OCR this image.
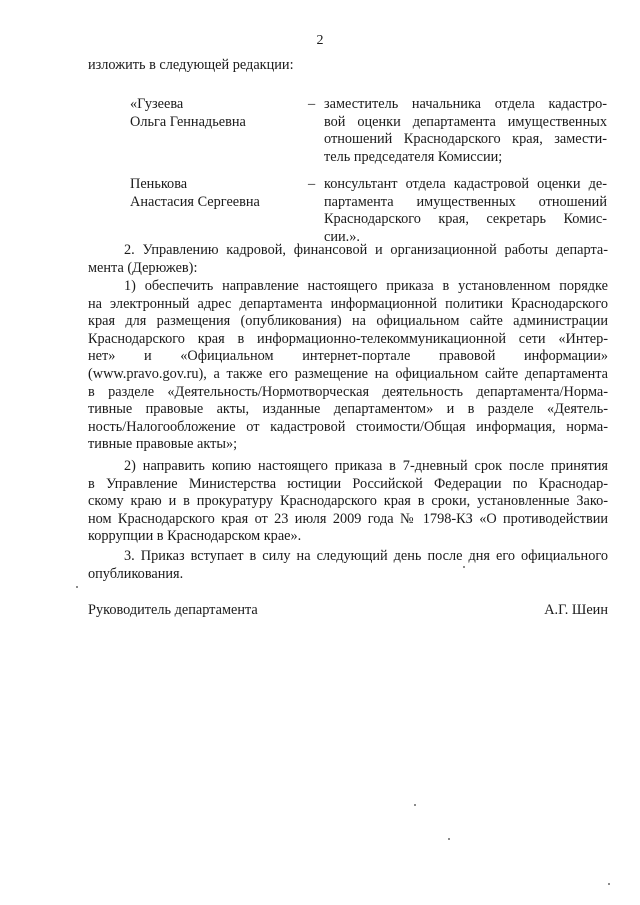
2
изложить в следующей редакции:
«Гузеева
Ольга Геннадьевна
– заместитель начальника отдела кадастро-
вой оценки департамента имущественных
отношений Краснодарского края, замести-
тель председателя Комиссии;
Пенькова
Анастасия Сергеевна
– консультант отдела кадастровой оценки де-
партамента имущественных отношений
Краснодарского края, секретарь Комис-
сии.».
2. Управлению кадровой, финансовой и организационной работы департа-
мента (Дерюжев):
1) обеспечить направление настоящего приказа в установленном порядке
на электронный адрес департамента информационной политики Краснодарского
края для размещения (опубликования) на официальном сайте администрации
Краснодарского края в информационно-телекоммуникационной сети «Интер-
нет» и «Официальном интернет-портале правовой информации»
(www.pravo.gov.ru), а также его размещение на официальном сайте департамента
в разделе «Деятельность/Нормотворческая деятельность департамента/Норма-
тивные правовые акты, изданные департаментом» и в разделе «Деятель-
ность/Налогообложение от кадастровой стоимости/Общая информация, норма-
тивные правовые акты»;
2) направить копию настоящего приказа в 7-дневный срок после принятия
в Управление Министерства юстиции Российской Федерации по Краснодар-
скому краю и в прокуратуру Краснодарского края в сроки, установленные Зако-
ном Краснодарского края от 23 июля 2009 года № 1798-КЗ «О противодействии
коррупции в Краснодарском крае».
3. Приказ вступает в силу на следующий день после дня его официального
опубликования.
Руководитель департамента	А.Г. Шеин
